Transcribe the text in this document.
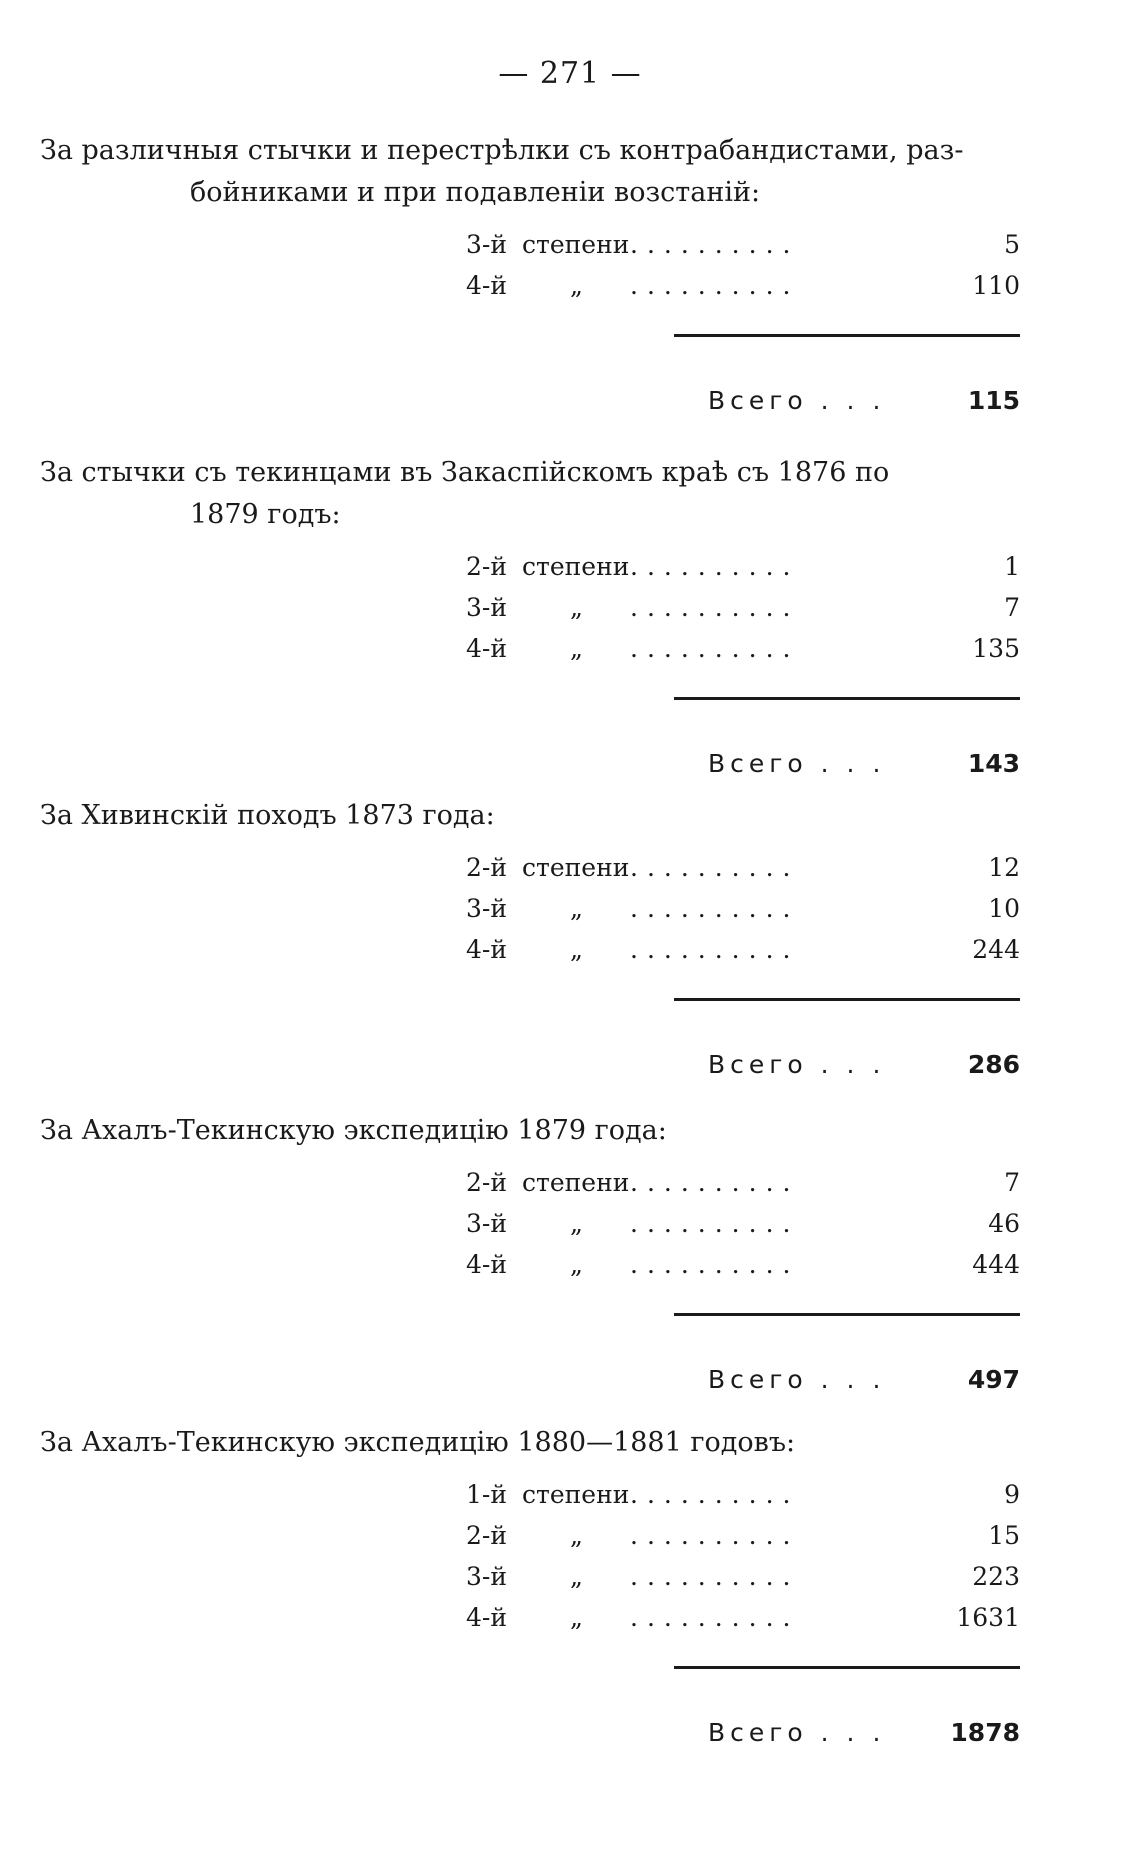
— 271 —

За различныя стычки и перестрѣлки съ контрабандистами, раз-
бойниками и при подавленіи возстаній:

3-й степени ..........	5
4-й	„ ..........	110
Всего . . .	115

За стычки съ текинцами въ Закаспійскомъ краѣ съ 1876 по
1879 годъ:

2-й степени ..........	1
3-й	„ ..........	7
4-й	„ ..........	135
Всего . . .	143

За Хивинскій походъ 1873 года:

2-й степени ..........	12
3-й	„ ..........	10
4-й	„ ..........	244
Всего . . .	286

За Ахалъ-Текинскую экспедицію 1879 года:

2-й степени ..........	7
3-й	„ ..........	46
4-й	„ ..........	444
Всего . . .	497

За Ахалъ-Текинскую экспедицію 1880—1881 годовъ:

1-й степени ..........	9
2-й	„ ..........	15
3-й	„ ..........	223
4-й	„ ..........	1631
Всего . . .	1878
